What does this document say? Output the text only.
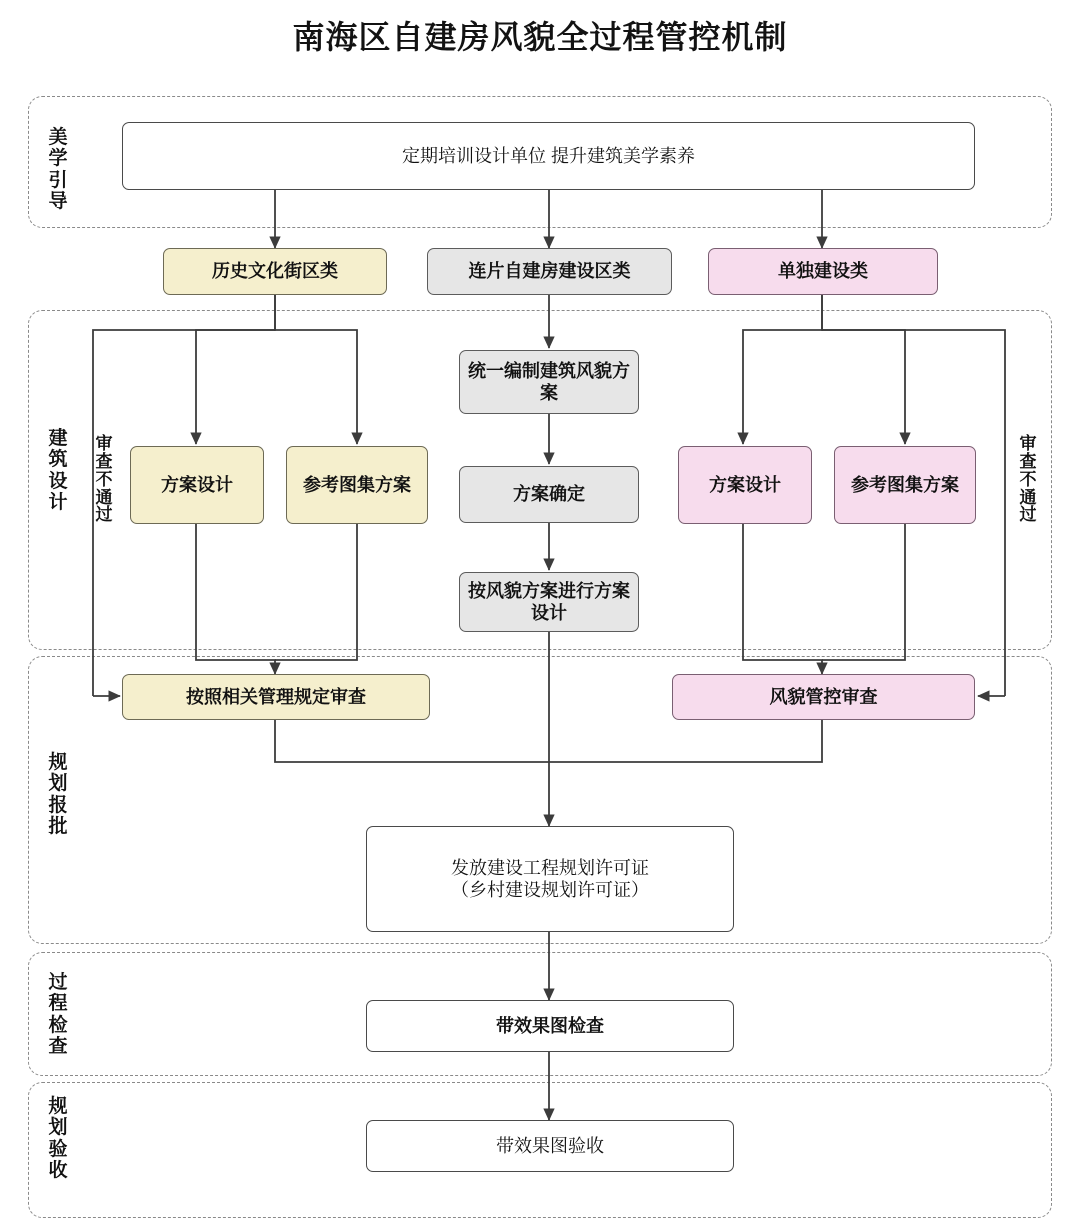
南海区自建房风貌全过程管控机制
美学引导
建筑设计
规划报批
过程检查
规划验收
定期培训设计单位 提升建筑美学素养
历史文化街区类	连片自建房建设区类	单独建设类
审查不通过
审查不通过
方案设计	参考图集方案
统一编制建筑风貌方案
方案确定
按风貌方案进行方案设计
方案设计	参考图集方案
按照相关管理规定审查	风貌管控审查
发放建设工程规划许可证
（乡村建设规划许可证）
带效果图检查
带效果图验收
